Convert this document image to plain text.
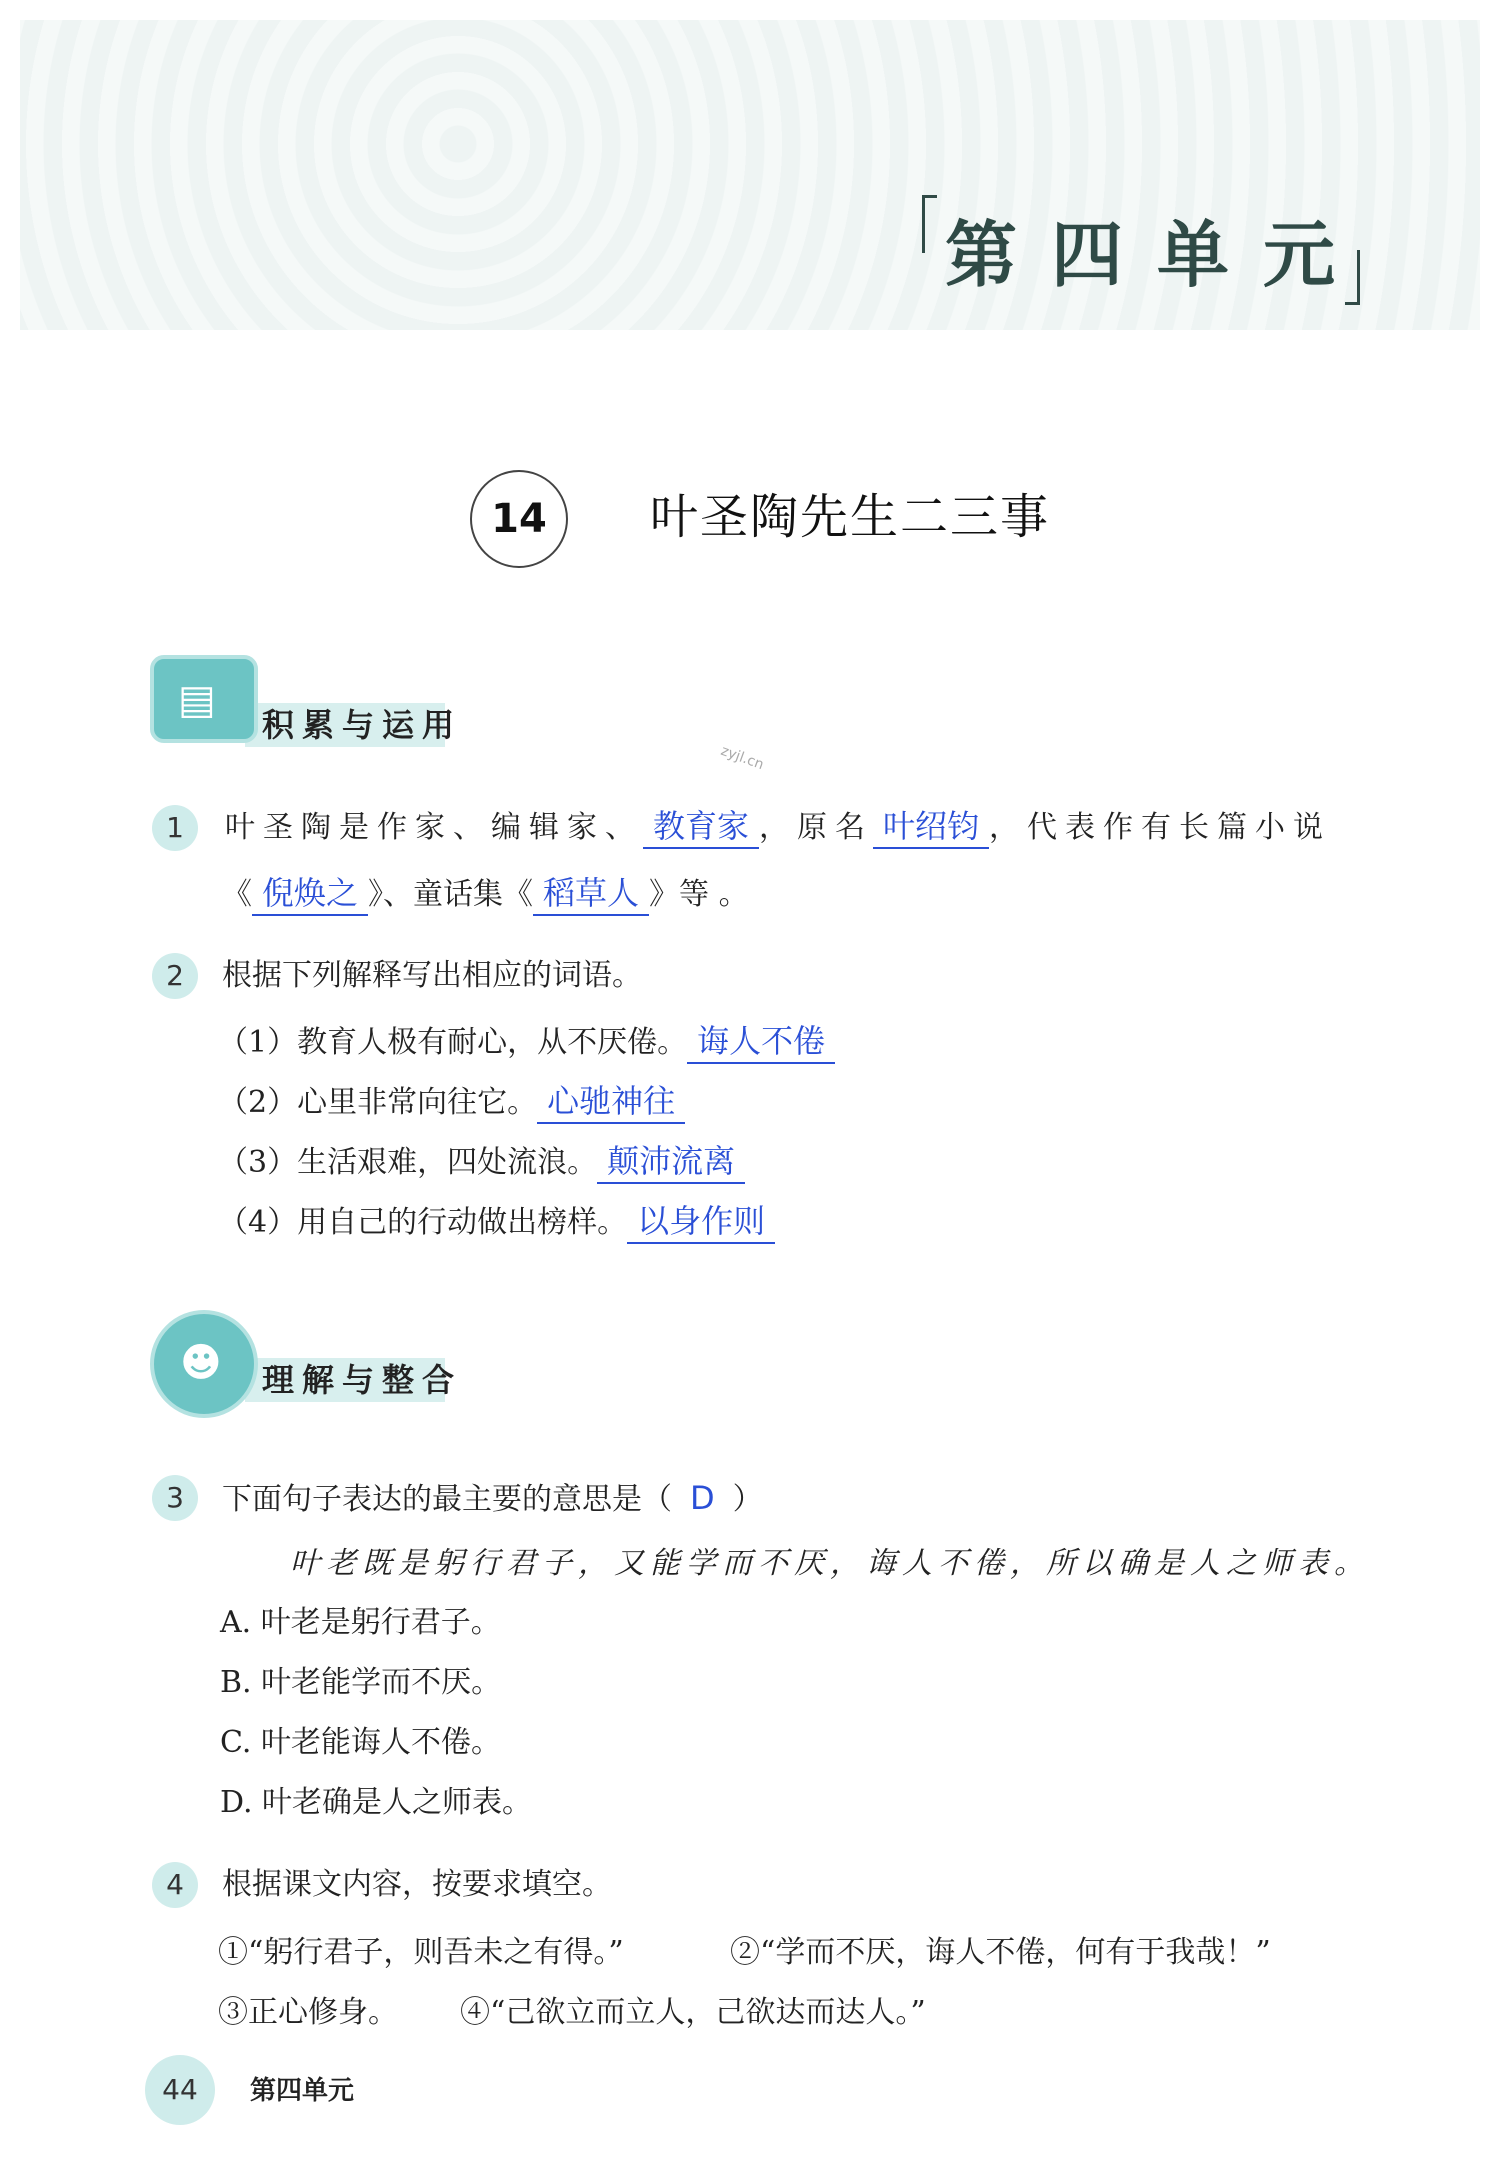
第四单元
14	叶圣陶先生二三事
▤
积累与运用
zyjl.cn
1	叶圣陶是作家、编辑家、 教育家 ，原名 叶绍钧 ，代表作有长篇小说
《 倪焕之 》、童话集《 稻草人 》等 。
2	根据下列解释写出相应的词语。
（1）教育人极有耐心，从不厌倦。 诲人不倦
（2）心里非常向往它。 心驰神往
（3）生活艰难，四处流浪。 颠沛流离
（4）用自己的行动做出榜样。 以身作则
☻ 理解与整合
3	下面句子表达的最主要的意思是（ D ）
叶老既是躬行君子，又能学而不厌，诲人不倦，所以确是人之师表。
A. 叶老是躬行君子。
B. 叶老能学而不厌。
C. 叶老能诲人不倦。
D. 叶老确是人之师表。
4	根据课文内容，按要求填空。
①“躬行君子，则吾未之有得。”	②“学而不厌，诲人不倦，何有于我哉！”
③正心修身。 ④“己欲立而立人，己欲达而达人。”
44	第四单元
